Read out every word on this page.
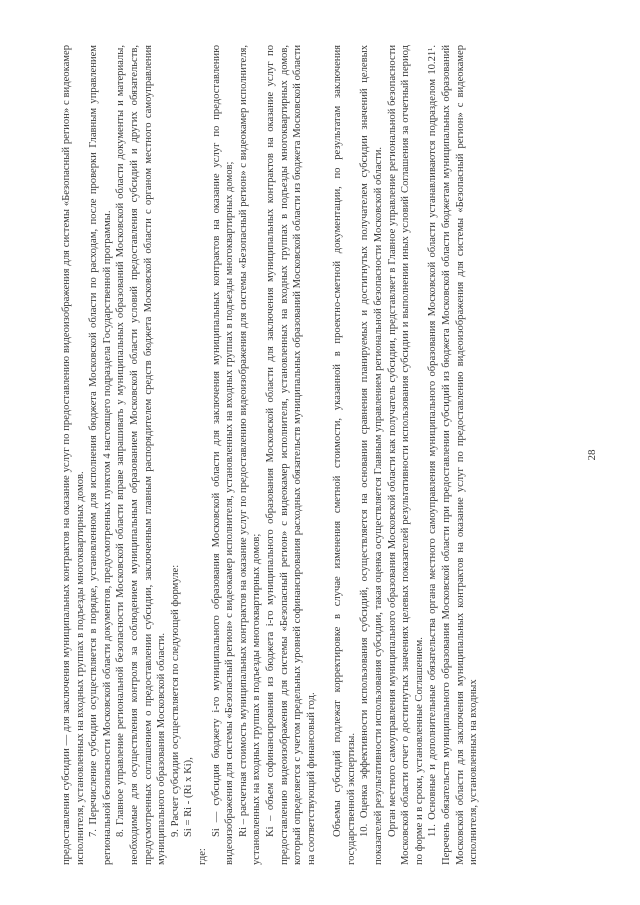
предоставления субсидии — для заключения муниципальных контрактов на оказание услуг по предоставлению видеоизображения для системы «Безопасный регион» с видеокамер исполнителя, установленных на входных группах в подъезды многоквартирных домов. 7. Перечисление субсидии осуществляется в порядке, установленном для исполнения бюджета Московской области по расходам, после проверки Главным управлением региональной безопасности Московской области документов, предусмотренных пунктом 4 настоящего подраздела Государственной программы. 8. Главное управление региональной безопасности Московской области вправе запрашивать у муниципальных образований Московской области документы и материалы, необходимые для осуществления контроля за соблюдением муниципальным образованием Московской области условий предоставления субсидий и других обязательств, предусмотренных соглашением о предоставлении субсидии, заключенным главным распорядителем средств бюджета Московской области с органом местного самоуправления муниципального образования Московской области. 9. Расчет субсидии осуществляется по следующей формуле: Si = Ri - (Ri x Ki),

где:

Si — субсидия бюджету i-го муниципального образования Московской области для заключения муниципальных контрактов на оказание услуг по предоставлению видеоизображения для системы «Безопасный регион» с видеокамер исполнителя, установленных на входных группах в подъезды многоквартирных домов; Ri – расчетная стоимость муниципальных контрактов на оказание услуг по предоставлению видеоизображения для системы «Безопасный регион» с видеокамер исполнителя, установленных на входных группах в подъезды многоквартирных домов; Ki – объем софинансирования из бюджета i-го муниципального образования Московской области для заключения муниципальных контрактов на оказание услуг по предоставлению видеоизображения для системы «Безопасный регион» с видеокамер исполнителя, установленных на входных группах в подъезды многоквартирных домов, который определяется с учетом предельных уровней софинансирования расходных обязательств муниципальных образований Московской области из бюджета Московской области на соответствующий финансовый год. Объемы субсидий подлежат корректировке в случае изменения сметной стоимости, указанной в проектно-сметной документации, по результатам заключения государственной экспертизы. 10. Оценка эффективности использования субсидий, осуществляется на основании сравнения планируемых и достигнутых получателем субсидии значений целевых показателей результативности использования субсидии, такая оценка осуществляется Главным управлением региональной безопасности Московской области. Орган местного самоуправления муниципального образования Московской области как получатель субсидии, представляет в Главное управление региональной безопасности Московской области отчет о достигнутых значениях целевых показателей результативности использования субсидии и выполнении иных условий Соглашения за отчетный период по форме и в сроки, установленные Соглашением. 11. Основные и дополнительные обязательства органа местного самоуправления муниципального образования Московской области устанавливаются подразделом 10.21¹. Перечень обязательств муниципального образования Московской области при предоставлении субсидий из бюджета Московской области бюджетам муниципальных образований Московской области для заключения муниципальных контрактов на оказание услуг по предоставлению видеоизображения для системы «Безопасный регион» с видеокамер исполнителя, установленных на входных

28
